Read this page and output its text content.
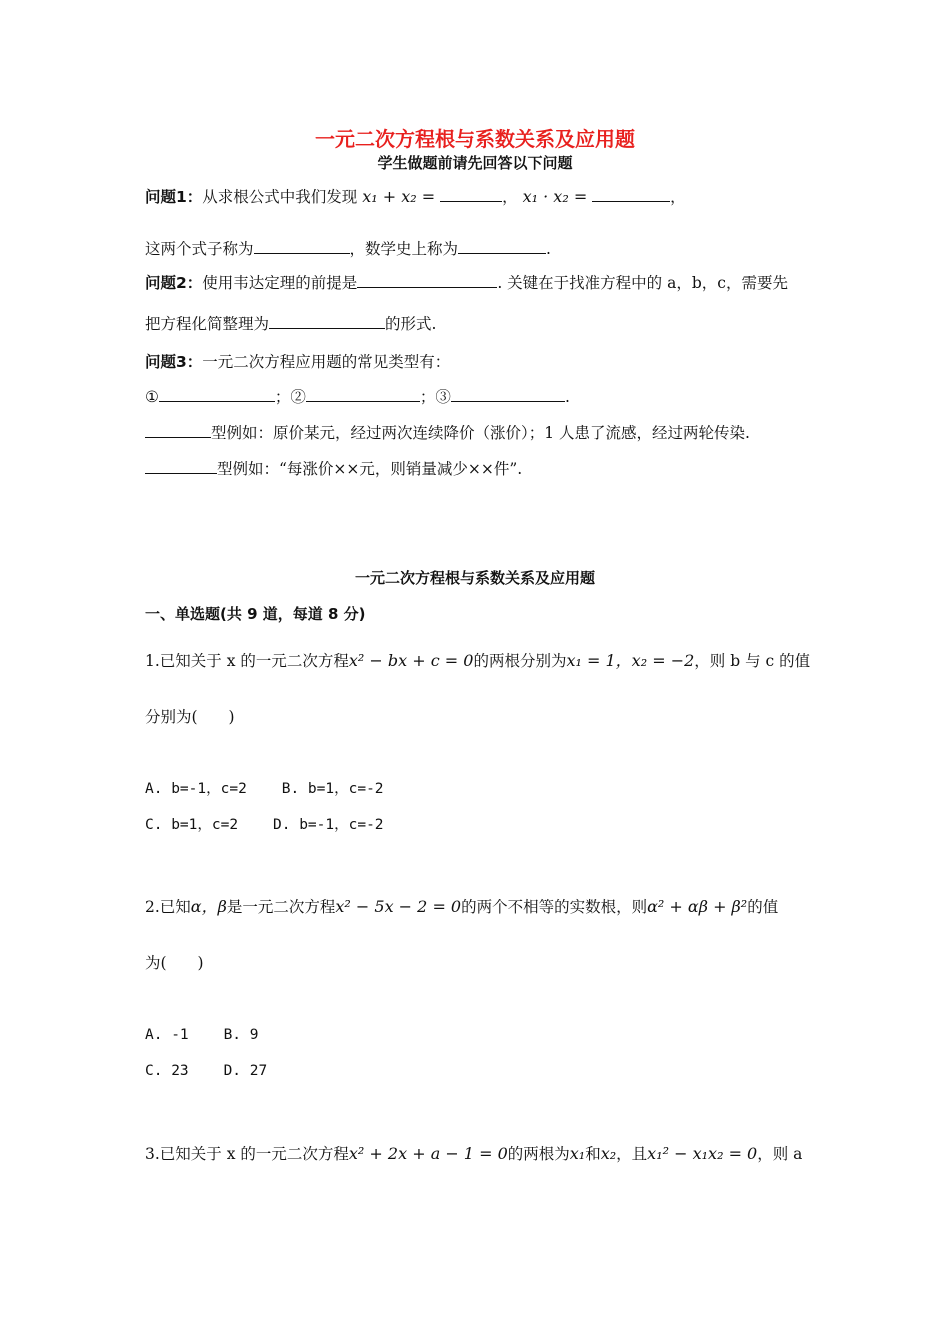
一元二次方程根与系数关系及应用题
学生做题前请先回答以下问题
问题1：从求根公式中我们发现 x₁ + x₂ =	， x₁ · x₂ =	，
这两个式子称为	，数学史上称为	.
问题2：使用韦达定理的前提是	. 关键在于找准方程中的 a，b，c，需要先
把方程化简整理为	的形式.
问题3：一元二次方程应用题的常见类型有：
①	；②	；③	.
型例如：原价某元，经过两次连续降价（涨价）；1 人患了流感，经过两轮传染.
型例如：“每涨价××元，则销量减少××件”.
一元二次方程根与系数关系及应用题
一、单选题(共 9 道，每道 8 分)
1.已知关于 x 的一元二次方程x² − bx + c = 0的两根分别为x₁ = 1，x₂ = −2，则 b 与 c 的值
分别为(　　)
A. b=-1，c=2 B. b=1，c=-2
C. b=1，c=2 D. b=-1，c=-2
2.已知α，β是一元二次方程x² − 5x − 2 = 0的两个不相等的实数根，则α² + αβ + β²的值
为(　　)
A. -1 B. 9
C. 23 D. 27
3.已知关于 x 的一元二次方程x² + 2x + a − 1 = 0的两根为x₁和x₂，且x₁² − x₁x₂ = 0，则 a
